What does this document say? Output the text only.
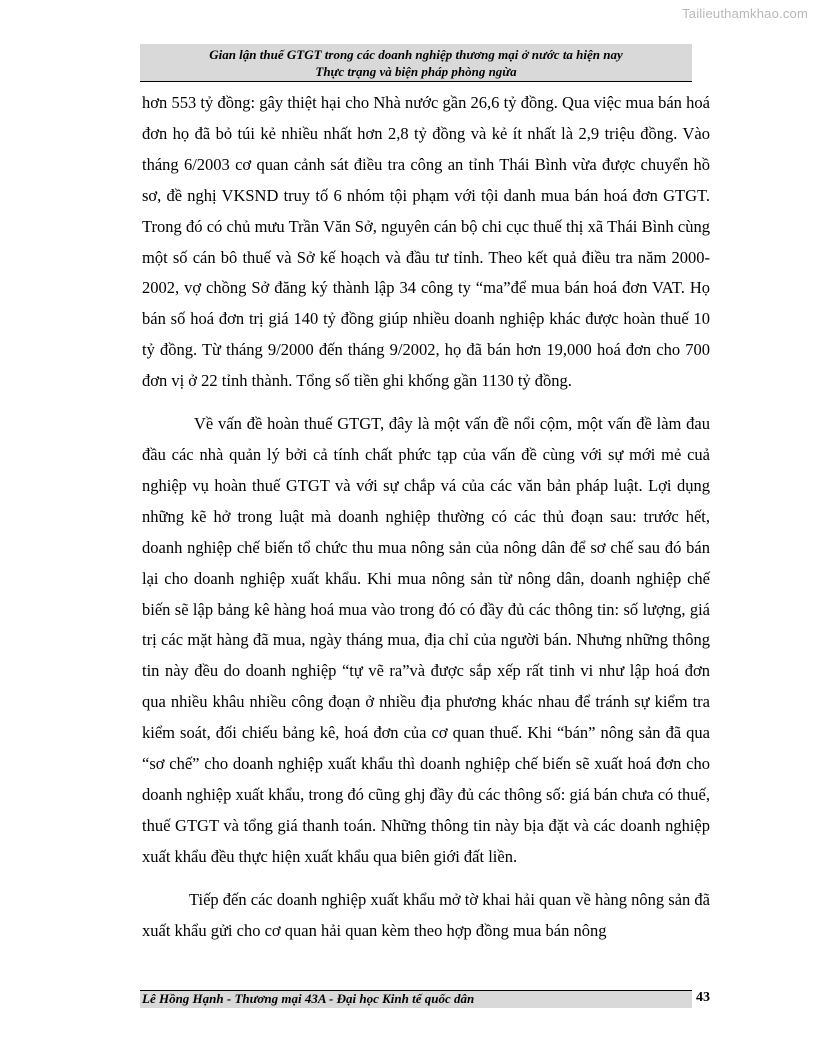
Tailieuthamkhao.com
Gian lận thuế GTGT trong các doanh nghiệp thương mại ở nước ta hiện nay
Thực trạng và biện pháp phòng ngừa

hơn 553 tỷ đồng: gây thiệt hại cho Nhà nước gần 26,6 tỷ đồng. Qua việc mua bán hoá đơn họ đã bỏ túi kẻ nhiều nhất hơn 2,8 tỷ đồng và kẻ ít nhất là 2,9 triệu đồng. Vào tháng 6/2003 cơ quan cảnh sát điều tra công an tỉnh Thái Bình vừa được chuyển hồ sơ, đề nghị VKSND truy tố 6 nhóm tội phạm với tội danh mua bán hoá đơn GTGT. Trong đó có chủ mưu Trần Văn Sở, nguyên cán bộ chi cục thuế thị xã Thái Bình cùng một số cán bô thuế và Sở kế hoạch và đầu tư tỉnh. Theo kết quả điều tra năm 2000-2002, vợ chồng Sở đăng ký thành lập 34 công ty “ma”để mua bán hoá đơn VAT. Họ bán số hoá đơn trị giá 140 tỷ đồng giúp nhiều doanh nghiệp khác được hoàn thuế 10 tỷ đồng. Từ tháng 9/2000 đến tháng 9/2002, họ đã bán hơn 19,000 hoá đơn cho 700 đơn vị ở 22 tỉnh thành. Tổng số tiền ghi khống gần 1130 tỷ đồng.

Về vấn đề hoàn thuế GTGT, đây là một vấn đề nổi cộm, một vấn đề làm đau đầu các nhà quản lý bởi cả tính chất phức tạp của vấn đề cùng với sự mới mẻ cuả nghiệp vụ hoàn thuế GTGT và với sự chắp vá của các văn bản pháp luật. Lợi dụng những kẽ hở trong luật mà doanh nghiệp thường có các thủ đoạn sau: trước hết, doanh nghiệp chế biến tổ chức thu mua nông sản của nông dân để sơ chế sau đó bán lại cho doanh nghiệp xuất khẩu. Khi mua nông sản từ nông dân, doanh nghiệp chế biến sẽ lập bảng kê hàng hoá mua vào trong đó có đầy đủ các thông tin: số lượng, giá trị các mặt hàng đã mua, ngày tháng mua, địa chỉ của người bán. Nhưng những thông tin này đều do doanh nghiệp “tự vẽ ra”và được sắp xếp rất tinh vi như lập hoá đơn qua nhiều khâu nhiều công đoạn ở nhiều địa phương khác nhau để tránh sự kiểm tra kiểm soát, đối chiếu bảng kê, hoá đơn của cơ quan thuế. Khi “bán” nông sản đã qua “sơ chế” cho doanh nghiệp xuất khẩu thì doanh nghiệp chế biến sẽ xuất hoá đơn cho doanh nghiệp xuất khẩu, trong đó cũng ghj đầy đủ các thông số: giá bán chưa có thuế, thuế GTGT và tổng giá thanh toán. Những thông tin này bịa đặt và các doanh nghiệp xuất khẩu đều thực hiện xuất khẩu qua biên giới đất liền.

Tiếp đến các doanh nghiệp xuất khẩu mở tờ khai hải quan về hàng nông sản đã xuất khẩu gửi cho cơ quan hải quan kèm theo hợp đồng mua bán nông

Lê Hồng Hạnh - Thương mại 43A - Đại học Kinh tế quốc dân	43
